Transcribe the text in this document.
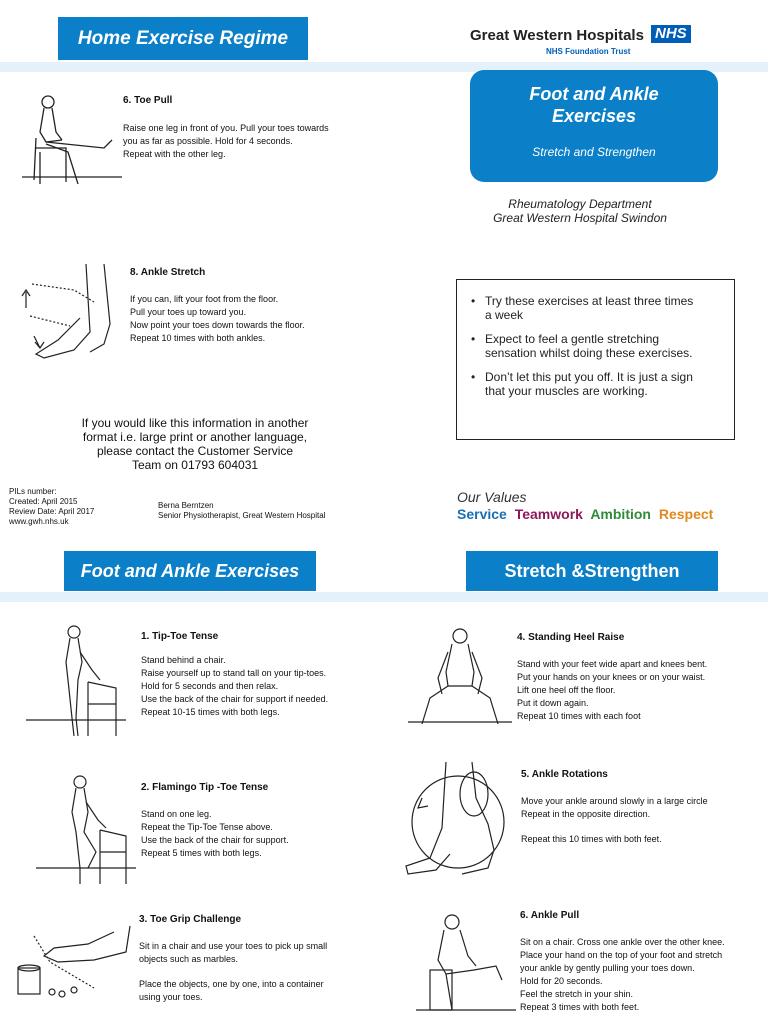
Home Exercise Regime	Great Western Hospitals NHS
NHS Foundation Trust
6. Toe Pull
Raise one leg in front of you. Pull your toes towards
you as far as possible. Hold for 4 seconds.
Repeat with the other leg.
8. Ankle Stretch
If you can, lift your foot from the floor.
Pull your toes up toward you.
Now point your toes down towards the floor.
Repeat 10 times with both ankles.
If you would like this information in another
format i.e. large print or another language,
please contact the Customer Service
Team on 01793 604031
PILs number:
Created: April 2015
Review Date: April 2017
www.gwh.nhs.uk
Berna Berntzen
Senior Physiotherapist, Great Western Hospital
Foot and Ankle
Exercises
Stretch and Strengthen
Rheumatology Department
Great Western Hospital Swindon
• Try these exercises at least three times
a week
• Expect to feel a gentle stretching
sensation whilst doing these exercises.
• Don’t let this put you off. It is just a sign
that your muscles are working.
Our Values
Service Teamwork Ambition Respect
Foot and Ankle Exercises	Stretch &Strengthen
1. Tip-Toe Tense
Stand behind a chair.
Raise yourself up to stand tall on your tip-toes.
Hold for 5 seconds and then relax.
Use the back of the chair for support if needed.
Repeat 10-15 times with both legs.
2. Flamingo Tip -Toe Tense
Stand on one leg.
Repeat the Tip-Toe Tense above.
Use the back of the chair for support.
Repeat 5 times with both legs.
3. Toe Grip Challenge
Sit in a chair and use your toes to pick up small
objects such as marbles.
Place the objects, one by one, into a container
using your toes.
4. Standing Heel Raise
Stand with your feet wide apart and knees bent.
Put your hands on your knees or on your waist.
Lift one heel off the floor.
Put it down again.
Repeat 10 times with each foot
5. Ankle Rotations
Move your ankle around slowly in a large circle
Repeat in the opposite direction.
Repeat this 10 times with both feet.
6. Ankle Pull
Sit on a chair. Cross one ankle over the other knee.
Place your hand on the top of your foot and stretch
your ankle by gently pulling your toes down.
Hold for 20 seconds.
Feel the stretch in your shin.
Repeat 3 times with both feet.
